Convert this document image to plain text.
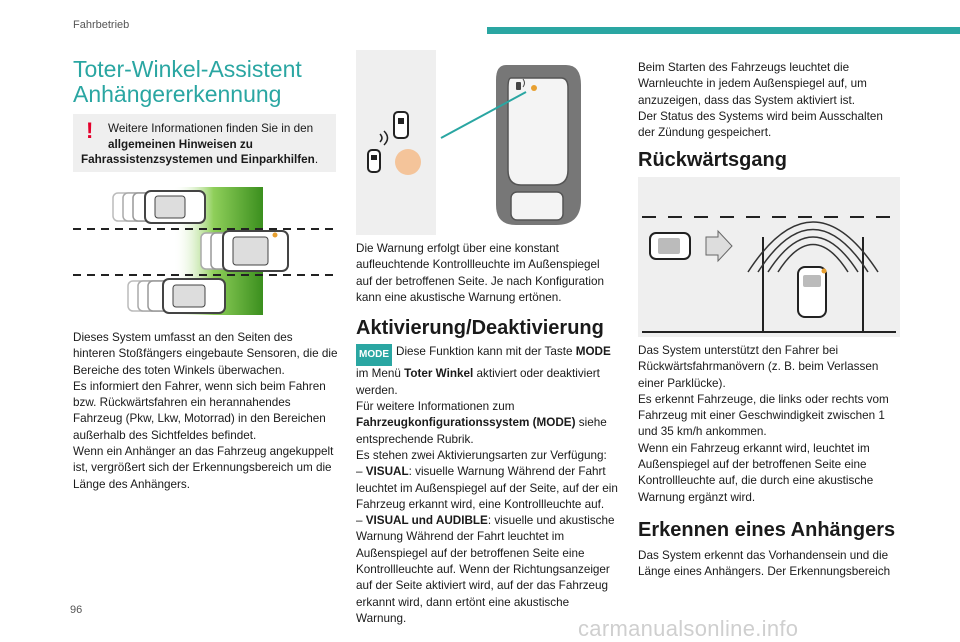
Fahrbetrieb
Toter-Winkel-Assistent Anhängererkennung
! Weitere Informationen finden Sie in den
allgemeinen Hinweisen zu
Fahrassistenzsystemen und Einparkhilfen.

Dieses System umfasst an den Seiten des hinteren Stoßfängers eingebaute Sensoren, die die Bereiche des toten Winkels überwachen.

Es informiert den Fahrer, wenn sich beim Fahren bzw. Rückwärtsfahren ein herannahendes Fahrzeug (Pkw, Lkw, Motorrad) in den Bereichen außerhalb des Sichtfeldes befindet.

Wenn ein Anhänger an das Fahrzeug angekuppelt ist, vergrößert sich der Erkennungsbereich um die Länge des Anhängers.

Die Warnung erfolgt über eine konstant aufleuchtende Kontrollleuchte im Außenspiegel auf der betroffenen Seite. Je nach Konfiguration kann eine akustische Warnung ertönen.

Aktivierung/Deaktivierung

MODE Diese Funktion kann mit der Taste MODE im Menü Toter Winkel aktiviert oder deaktiviert werden.

Für weitere Informationen zum Fahrzeugkonfigurationssystem (MODE) siehe entsprechende Rubrik.

Es stehen zwei Aktivierungsarten zur Verfügung:

– VISUAL: visuelle Warnung Während der Fahrt leuchtet im Außenspiegel auf der Seite, auf der ein Fahrzeug erkannt wird, eine Kontrollleuchte auf.

– VISUAL und AUDIBLE: visuelle und akustische Warnung Während der Fahrt leuchtet im Außenspiegel auf der betroffenen Seite eine Kontrollleuchte auf. Wenn der Richtungsanzeiger auf der Seite aktiviert wird, auf der das Fahrzeug erkannt wird, dann ertönt eine akustische Warnung.

Beim Starten des Fahrzeugs leuchtet die Warnleuchte in jedem Außenspiegel auf, um anzuzeigen, dass das System aktiviert ist.

Der Status des Systems wird beim Ausschalten der Zündung gespeichert.

Rückwärtsgang

Das System unterstützt den Fahrer bei Rückwärtsfahrmanövern (z. B. beim Verlassen einer Parklücke).

Es erkennt Fahrzeuge, die links oder rechts vom Fahrzeug mit einer Geschwindigkeit zwischen 1 und 35 km/h ankommen.

Wenn ein Fahrzeug erkannt wird, leuchtet im Außenspiegel auf der betroffenen Seite eine Kontrollleuchte auf, die durch eine akustische Warnung ergänzt wird.

Erkennen eines Anhängers

Das System erkennt das Vorhandensein und die Länge eines Anhängers. Der Erkennungsbereich

96
carmanualsonline.info
